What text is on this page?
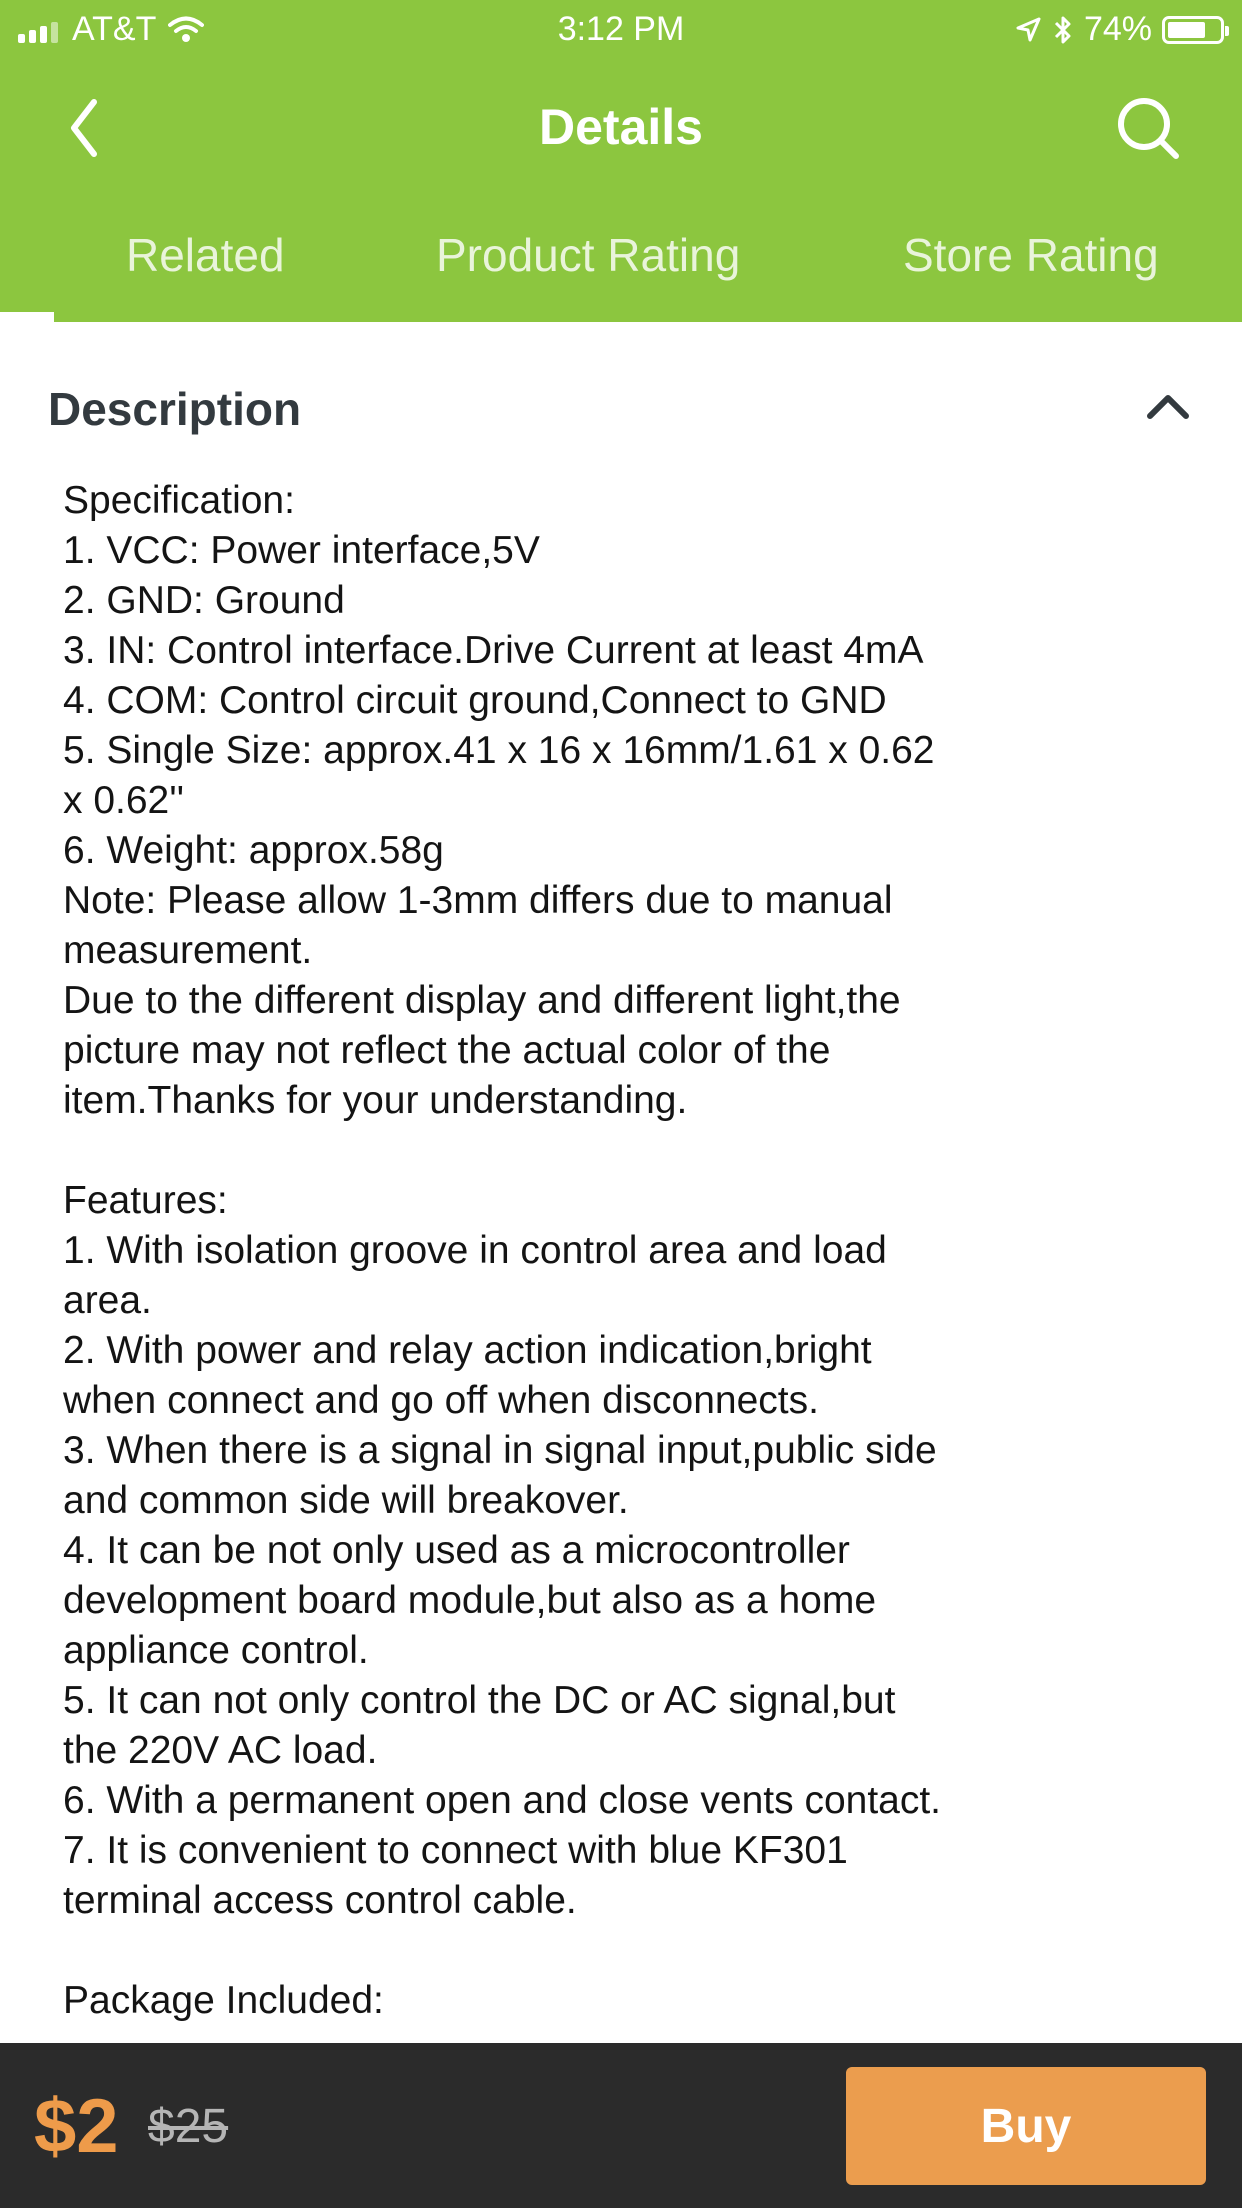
AT&T	3:12 PM	74%
Details
Related	Product Rating	Store Rating
Description
Specification:
1. VCC: Power interface,5V
2. GND: Ground
3. IN: Control interface.Drive Current at least 4mA
4. COM: Control circuit ground,Connect to GND
5. Single Size: approx.41 x 16 x 16mm/1.61 x 0.62
x 0.62''
6. Weight: approx.58g
Note: Please allow 1-3mm differs due to manual
measurement.
Due to the different display and different light,the
picture may not reflect the actual color of the
item.Thanks for your understanding.

Features:
1. With isolation groove in control area and load
area.
2. With power and relay action indication,bright
when connect and go off when disconnects.
3. When there is a signal in signal input,public side
and common side will breakover.
4. It can be not only used as a microcontroller
development board module,but also as a home
appliance control.
5. It can not only control the DC or AC signal,but
the 220V AC load.
6. With a permanent open and close vents contact.
7. It is convenient to connect with blue KF301
terminal access control cable.

Package Included:
$2 $25	Buy
